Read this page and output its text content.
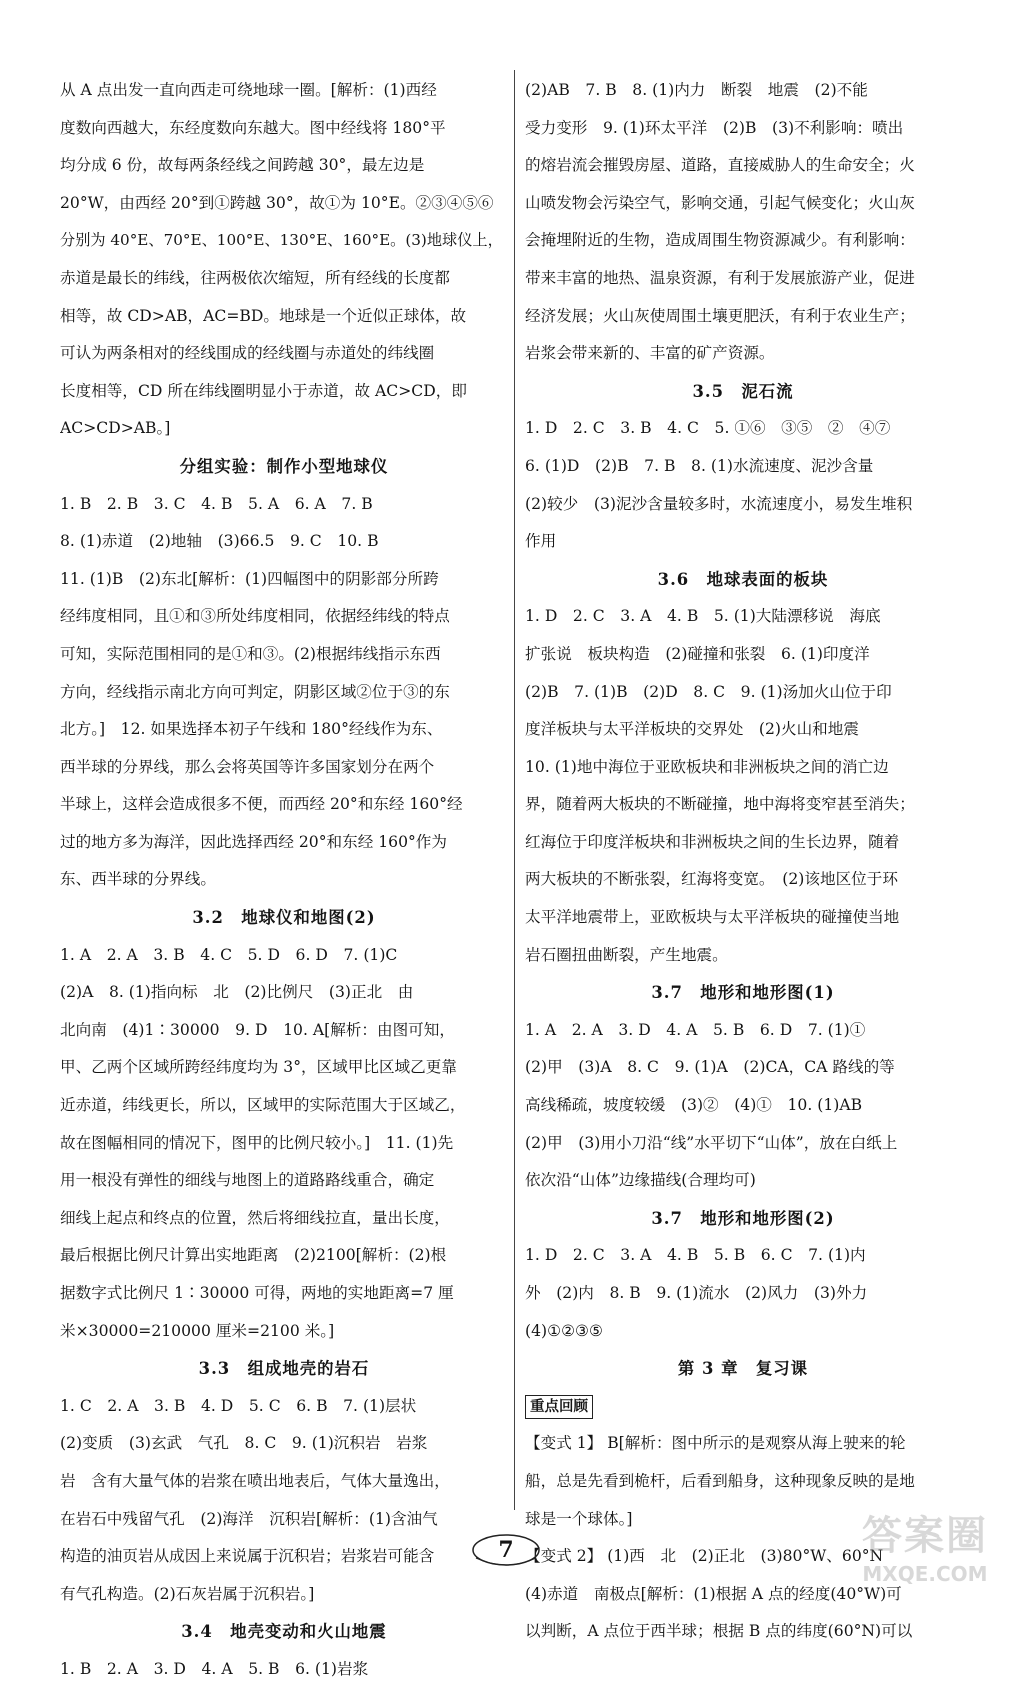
从 A 点出发一直向西走可绕地球一圈。[解析：(1)西经
度数向西越大，东经度数向东越大。图中经线将 180°平
均分成 6 份，故每两条经线之间跨越 30°，最左边是
20°W，由西经 20°到①跨越 30°，故①为 10°E。②③④⑤⑥
分别为 40°E、70°E、100°E、130°E、160°E。(3)地球仪上，
赤道是最长的纬线，往两极依次缩短，所有经线的长度都
相等，故 CD>AB，AC=BD。地球是一个近似正球体，故
可认为两条相对的经线围成的经线圈与赤道处的纬线圈
长度相等，CD 所在纬线圈明显小于赤道，故 AC>CD，即
AC>CD>AB。]
分组实验：制作小型地球仪
1. B　2. B　3. C　4. B　5. A　6. A　7. B
8. (1)赤道　(2)地轴　(3)66.5　9. C　10. B
11. (1)B　(2)东北[解析：(1)四幅图中的阴影部分所跨
经纬度相同，且①和③所处纬度相同，依据经纬线的特点
可知，实际范围相同的是①和③。(2)根据纬线指示东西
方向，经线指示南北方向可判定，阴影区域②位于③的东
北方。]　12. 如果选择本初子午线和 180°经线作为东、
西半球的分界线，那么会将英国等许多国家划分在两个
半球上，这样会造成很多不便，而西经 20°和东经 160°经
过的地方多为海洋，因此选择西经 20°和东经 160°作为
东、西半球的分界线。
3.2　地球仪和地图(2)
1. A　2. A　3. B　4. C　5. D　6. D　7. (1)C
(2)A　8. (1)指向标　北　(2)比例尺　(3)正北　由
北向南　(4)1∶30000　9. D　10. A[解析：由图可知，
甲、乙两个区域所跨经纬度均为 3°，区域甲比区域乙更靠
近赤道，纬线更长，所以，区域甲的实际范围大于区域乙，
故在图幅相同的情况下，图甲的比例尺较小。]　11. (1)先
用一根没有弹性的细线与地图上的道路路线重合，确定
细线上起点和终点的位置，然后将细线拉直，量出长度，
最后根据比例尺计算出实地距离　(2)2100[解析：(2)根
据数字式比例尺 1∶30000 可得，两地的实地距离=7 厘
米×30000=210000 厘米=2100 米。]
3.3　组成地壳的岩石
1. C　2. A　3. B　4. D　5. C　6. B　7. (1)层状
(2)变质　(3)玄武　气孔　8. C　9. (1)沉积岩　岩浆
岩　含有大量气体的岩浆在喷出地表后，气体大量逸出，
在岩石中残留气孔　(2)海洋　沉积岩[解析：(1)含油气
构造的油页岩从成因上来说属于沉积岩；岩浆岩可能含
有气孔构造。(2)石灰岩属于沉积岩。]
3.4　地壳变动和火山地震
1. B　2. A　3. D　4. A　5. B　6. (1)岩浆
(2)AB　7. B　8. (1)内力　断裂　地震　(2)不能
受力变形　9. (1)环太平洋　(2)B　(3)不利影响：喷出
的熔岩流会摧毁房屋、道路，直接威胁人的生命安全；火
山喷发物会污染空气，影响交通，引起气候变化；火山灰
会掩埋附近的生物，造成周围生物资源减少。有利影响：
带来丰富的地热、温泉资源，有利于发展旅游产业，促进
经济发展；火山灰使周围土壤更肥沃，有利于农业生产；
岩浆会带来新的、丰富的矿产资源。
3.5　泥石流
1. D　2. C　3. B　4. C　5. ①⑥　③⑤　②　④⑦
6. (1)D　(2)B　7. B　8. (1)水流速度、泥沙含量
(2)较少　(3)泥沙含量较多时，水流速度小，易发生堆积
作用
3.6　地球表面的板块
1. D　2. C　3. A　4. B　5. (1)大陆漂移说　海底
扩张说　板块构造　(2)碰撞和张裂　6. (1)印度洋
(2)B　7. (1)B　(2)D　8. C　9. (1)汤加火山位于印
度洋板块与太平洋板块的交界处　(2)火山和地震
10. (1)地中海位于亚欧板块和非洲板块之间的消亡边
界，随着两大板块的不断碰撞，地中海将变窄甚至消失；
红海位于印度洋板块和非洲板块之间的生长边界，随着
两大板块的不断张裂，红海将变宽。　(2)该地区位于环
太平洋地震带上，亚欧板块与太平洋板块的碰撞使当地
岩石圈扭曲断裂，产生地震。
3.7　地形和地形图(1)
1. A　2. A　3. D　4. A　5. B　6. D　7. (1)①
(2)甲　(3)A　8. C　9. (1)A　(2)CA，CA 路线的等
高线稀疏，坡度较缓　(3)②　(4)①　10. (1)AB
(2)甲　(3)用小刀沿“线”水平切下“山体”，放在白纸上
依次沿“山体”边缘描线(合理均可)
3.7　地形和地形图(2)
1. D　2. C　3. A　4. B　5. B　6. C　7. (1)内
外　(2)内　8. B　9. (1)流水　(2)风力　(3)外力
(4)①②③⑤
第 3 章　复习课
重点回顾
【变式 1】 B[解析：图中所示的是观察从海上驶来的轮
船，总是先看到桅杆，后看到船身，这种现象反映的是地
球是一个球体。]
【变式 2】 (1)西　北　(2)正北　(3)80°W、60°N
(4)赤道　南极点[解析：(1)根据 A 点的经度(40°W)可
以判断，A 点位于西半球；根据 B 点的纬度(60°N)可以
7	答案圈
MXQE.COM
